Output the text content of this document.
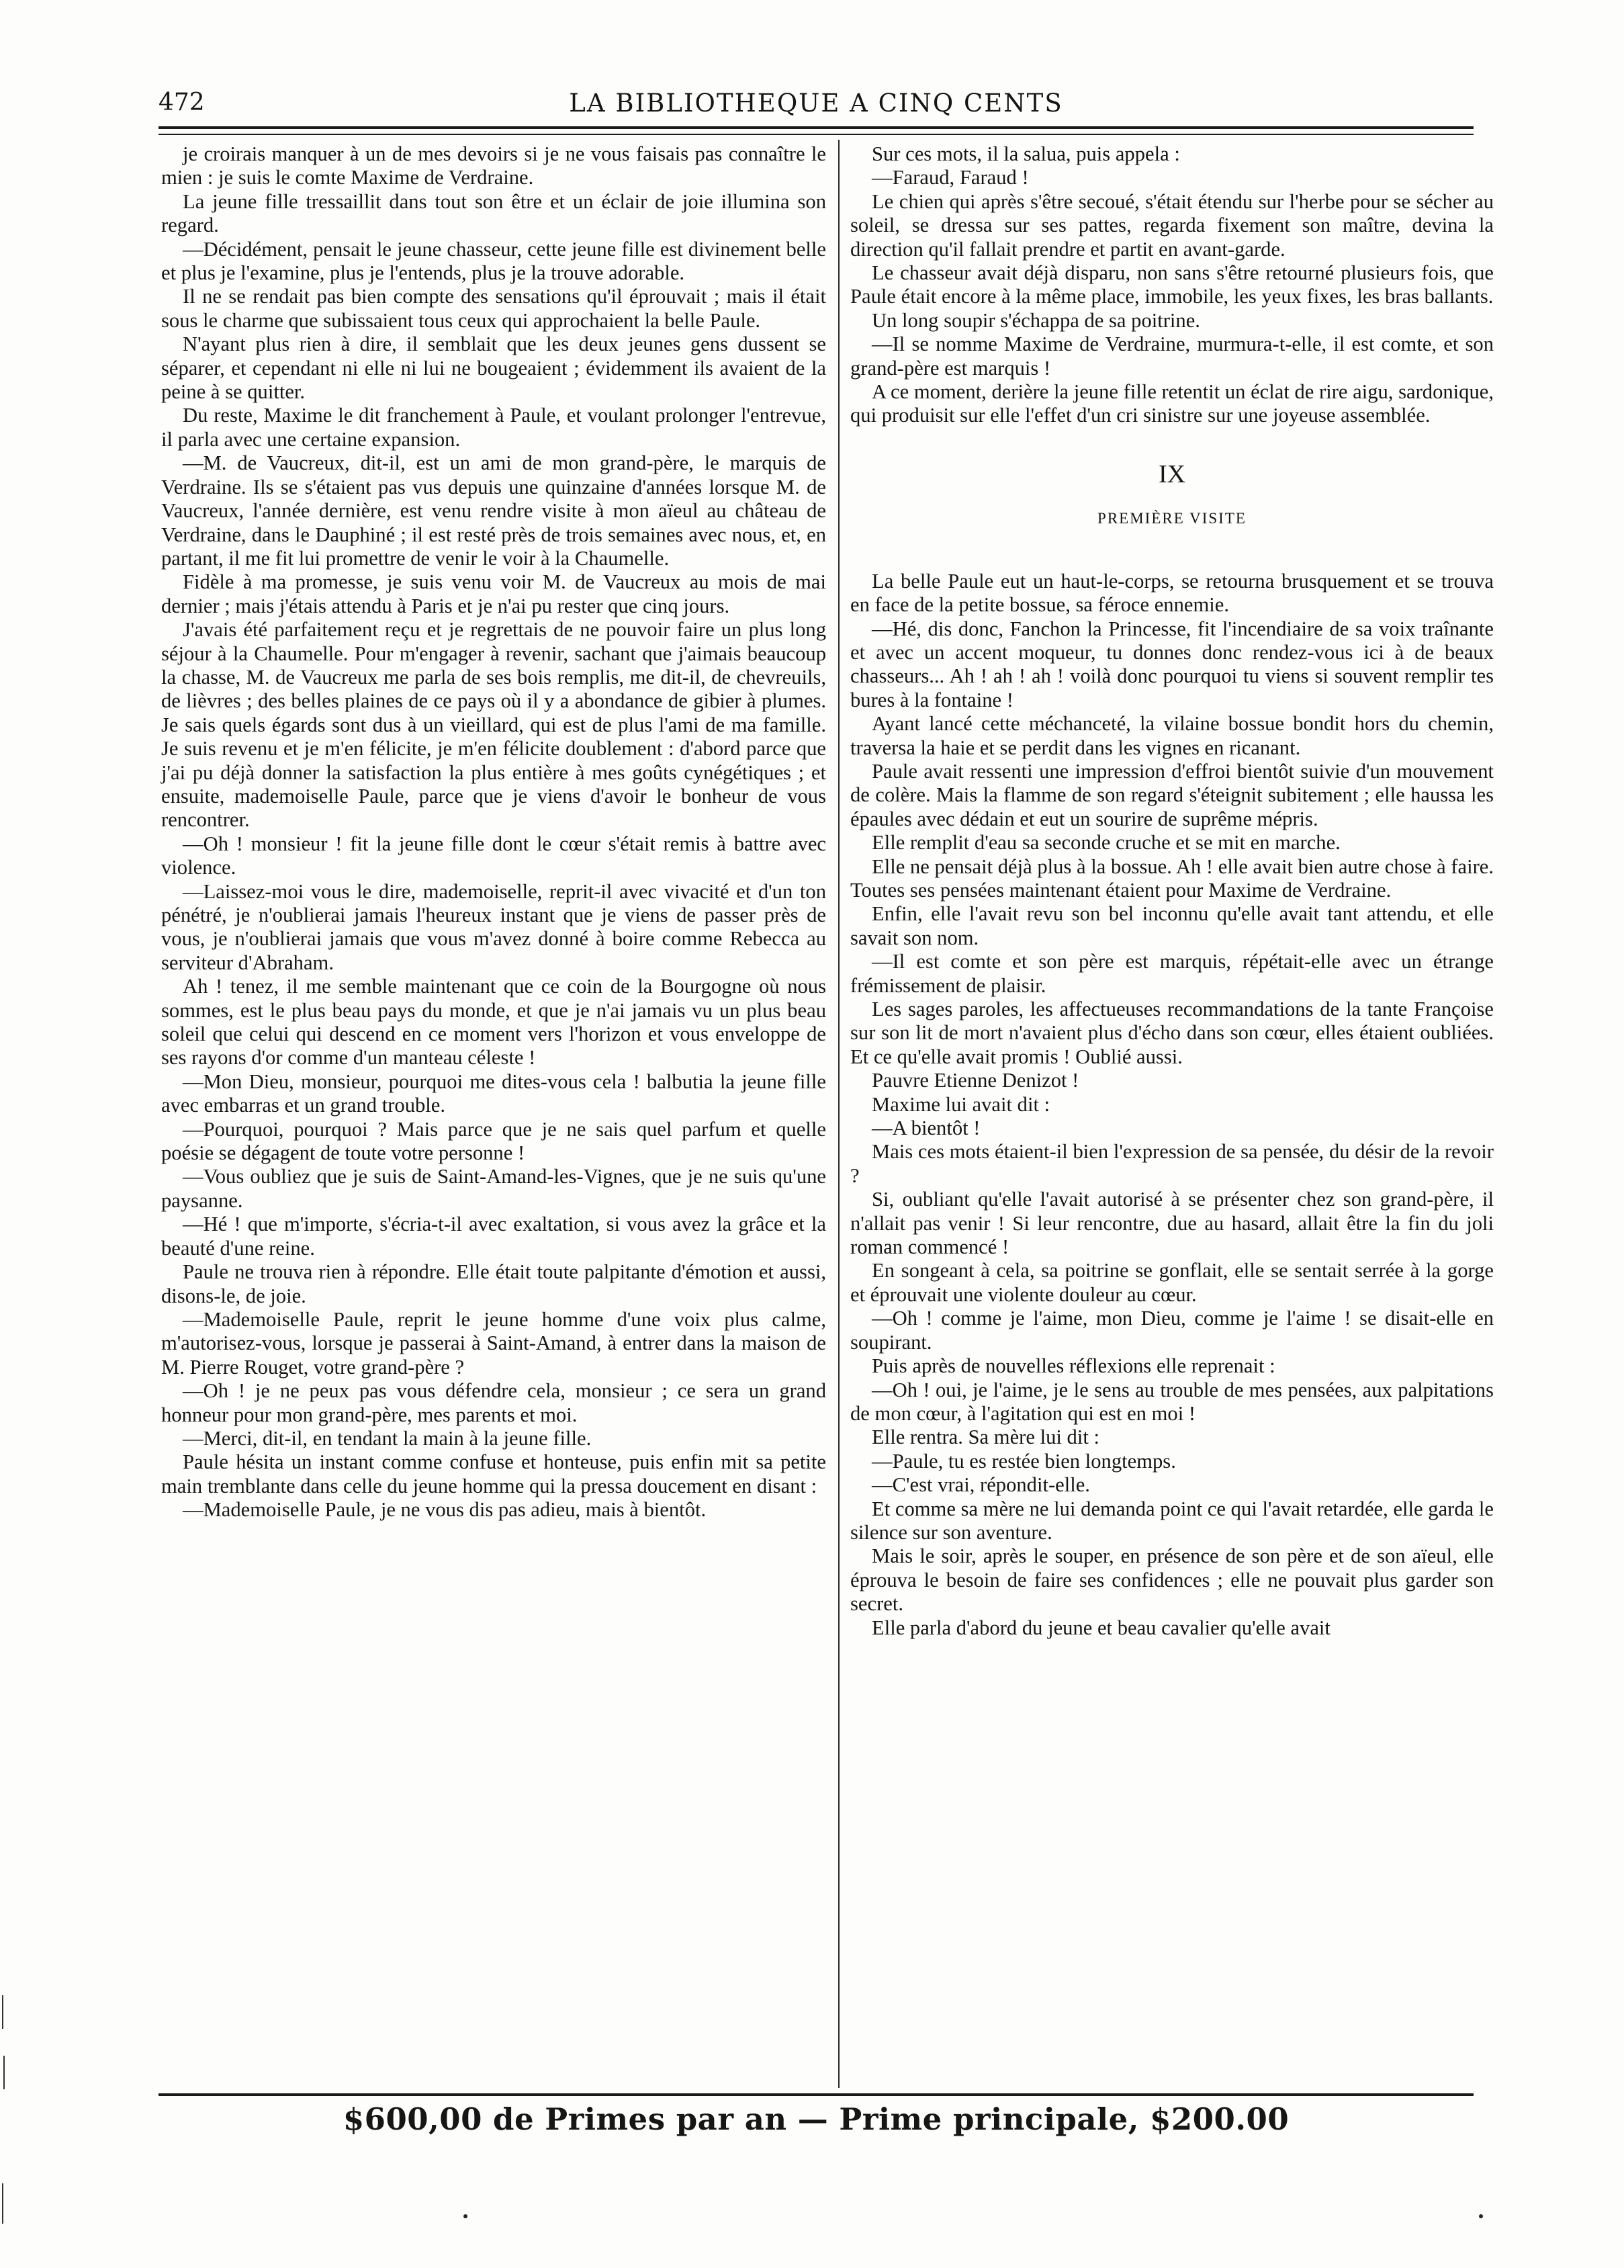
472	LA BIBLIOTHEQUE A CINQ CENTS

je croirais manquer à un de mes devoirs si je ne vous faisais pas connaître le mien : je suis le comte Maxime de Verdraine.

La jeune fille tressaillit dans tout son être et un éclair de joie illumina son regard.

—Décidément, pensait le jeune chasseur, cette jeune fille est divinement belle et plus je l'examine, plus je l'entends, plus je la trouve adorable.

Il ne se rendait pas bien compte des sensations qu'il éprouvait ; mais il était sous le charme que subissaient tous ceux qui approchaient la belle Paule.

N'ayant plus rien à dire, il semblait que les deux jeunes gens dussent se séparer, et cependant ni elle ni lui ne bougeaient ; évidemment ils avaient de la peine à se quitter.

Du reste, Maxime le dit franchement à Paule, et voulant prolonger l'entrevue, il parla avec une certaine expansion.

—M. de Vaucreux, dit-il, est un ami de mon grand-père, le marquis de Verdraine. Ils se s'étaient pas vus depuis une quinzaine d'années lorsque M. de Vaucreux, l'année dernière, est venu rendre visite à mon aïeul au château de Verdraine, dans le Dauphiné ; il est resté près de trois semaines avec nous, et, en partant, il me fit lui promettre de venir le voir à la Chaumelle.

Fidèle à ma promesse, je suis venu voir M. de Vaucreux au mois de mai dernier ; mais j'étais attendu à Paris et je n'ai pu rester que cinq jours.

J'avais été parfaitement reçu et je regrettais de ne pouvoir faire un plus long séjour à la Chaumelle. Pour m'engager à revenir, sachant que j'aimais beaucoup la chasse, M. de Vaucreux me parla de ses bois remplis, me dit-il, de chevreuils, de lièvres ; des belles plaines de ce pays où il y a abondance de gibier à plumes. Je sais quels égards sont dus à un vieillard, qui est de plus l'ami de ma famille. Je suis revenu et je m'en félicite, je m'en félicite doublement : d'abord parce que j'ai pu déjà donner la satisfaction la plus entière à mes goûts cynégétiques ; et ensuite, mademoiselle Paule, parce que je viens d'avoir le bonheur de vous rencontrer.

—Oh ! monsieur ! fit la jeune fille dont le cœur s'était remis à battre avec violence.

—Laissez-moi vous le dire, mademoiselle, reprit-il avec vivacité et d'un ton pénétré, je n'oublierai jamais l'heureux instant que je viens de passer près de vous, je n'oublierai jamais que vous m'avez donné à boire comme Rebecca au serviteur d'Abraham.

Ah ! tenez, il me semble maintenant que ce coin de la Bourgogne où nous sommes, est le plus beau pays du monde, et que je n'ai jamais vu un plus beau soleil que celui qui descend en ce moment vers l'horizon et vous enveloppe de ses rayons d'or comme d'un manteau céleste !

—Mon Dieu, monsieur, pourquoi me dites-vous cela ! balbutia la jeune fille avec embarras et un grand trouble.

—Pourquoi, pourquoi ? Mais parce que je ne sais quel parfum et quelle poésie se dégagent de toute votre personne !

—Vous oubliez que je suis de Saint-Amand-les-Vignes, que je ne suis qu'une paysanne.

—Hé ! que m'importe, s'écria-t-il avec exaltation, si vous avez la grâce et la beauté d'une reine.

Paule ne trouva rien à répondre. Elle était toute palpitante d'émotion et aussi, disons-le, de joie.

—Mademoiselle Paule, reprit le jeune homme d'une voix plus calme, m'autorisez-vous, lorsque je passerai à Saint-Amand, à entrer dans la maison de M. Pierre Rouget, votre grand-père ?

—Oh ! je ne peux pas vous défendre cela, monsieur ; ce sera un grand honneur pour mon grand-père, mes parents et moi.

—Merci, dit-il, en tendant la main à la jeune fille.

Paule hésita un instant comme confuse et honteuse, puis enfin mit sa petite main tremblante dans celle du jeune homme qui la pressa doucement en disant :

—Mademoiselle Paule, je ne vous dis pas adieu, mais à bientôt.

Sur ces mots, il la salua, puis appela :

—Faraud, Faraud !

Le chien qui après s'être secoué, s'était étendu sur l'herbe pour se sécher au soleil, se dressa sur ses pattes, regarda fixement son maître, devina la direction qu'il fallait prendre et partit en avant-garde.

Le chasseur avait déjà disparu, non sans s'être retourné plusieurs fois, que Paule était encore à la même place, immobile, les yeux fixes, les bras ballants.

Un long soupir s'échappa de sa poitrine.

—Il se nomme Maxime de Verdraine, murmura-t-elle, il est comte, et son grand-père est marquis !

A ce moment, derière la jeune fille retentit un éclat de rire aigu, sardonique, qui produisit sur elle l'effet d'un cri sinistre sur une joyeuse assemblée.

IX
PREMIÈRE VISITE

La belle Paule eut un haut-le-corps, se retourna brusquement et se trouva en face de la petite bossue, sa féroce ennemie.

—Hé, dis donc, Fanchon la Princesse, fit l'incendiaire de sa voix traînante et avec un accent moqueur, tu donnes donc rendez-vous ici à de beaux chasseurs... Ah ! ah ! ah ! voilà donc pourquoi tu viens si souvent remplir tes bures à la fontaine !

Ayant lancé cette méchanceté, la vilaine bossue bondit hors du chemin, traversa la haie et se perdit dans les vignes en ricanant.

Paule avait ressenti une impression d'effroi bientôt suivie d'un mouvement de colère. Mais la flamme de son regard s'éteignit subitement ; elle haussa les épaules avec dédain et eut un sourire de suprême mépris.

Elle remplit d'eau sa seconde cruche et se mit en marche.

Elle ne pensait déjà plus à la bossue. Ah ! elle avait bien autre chose à faire. Toutes ses pensées maintenant étaient pour Maxime de Verdraine.

Enfin, elle l'avait revu son bel inconnu qu'elle avait tant attendu, et elle savait son nom.

—Il est comte et son père est marquis, répétait-elle avec un étrange frémissement de plaisir.

Les sages paroles, les affectueuses recommandations de la tante Françoise sur son lit de mort n'avaient plus d'écho dans son cœur, elles étaient oubliées. Et ce qu'elle avait promis ! Oublié aussi.

Pauvre Etienne Denizot !

Maxime lui avait dit :

—A bientôt !

Mais ces mots étaient-il bien l'expression de sa pensée, du désir de la revoir ?

Si, oubliant qu'elle l'avait autorisé à se présenter chez son grand-père, il n'allait pas venir ! Si leur rencontre, due au hasard, allait être la fin du joli roman commencé !

En songeant à cela, sa poitrine se gonflait, elle se sentait serrée à la gorge et éprouvait une violente douleur au cœur.

—Oh ! comme je l'aime, mon Dieu, comme je l'aime ! se disait-elle en soupirant.

Puis après de nouvelles réflexions elle reprenait :

—Oh ! oui, je l'aime, je le sens au trouble de mes pensées, aux palpitations de mon cœur, à l'agitation qui est en moi !

Elle rentra. Sa mère lui dit :

—Paule, tu es restée bien longtemps.

—C'est vrai, répondit-elle.

Et comme sa mère ne lui demanda point ce qui l'avait retardée, elle garda le silence sur son aventure.

Mais le soir, après le souper, en présence de son père et de son aïeul, elle éprouva le besoin de faire ses confidences ; elle ne pouvait plus garder son secret.

Elle parla d'abord du jeune et beau cavalier qu'elle avait

$600,00 de Primes par an — Prime principale, $200.00
